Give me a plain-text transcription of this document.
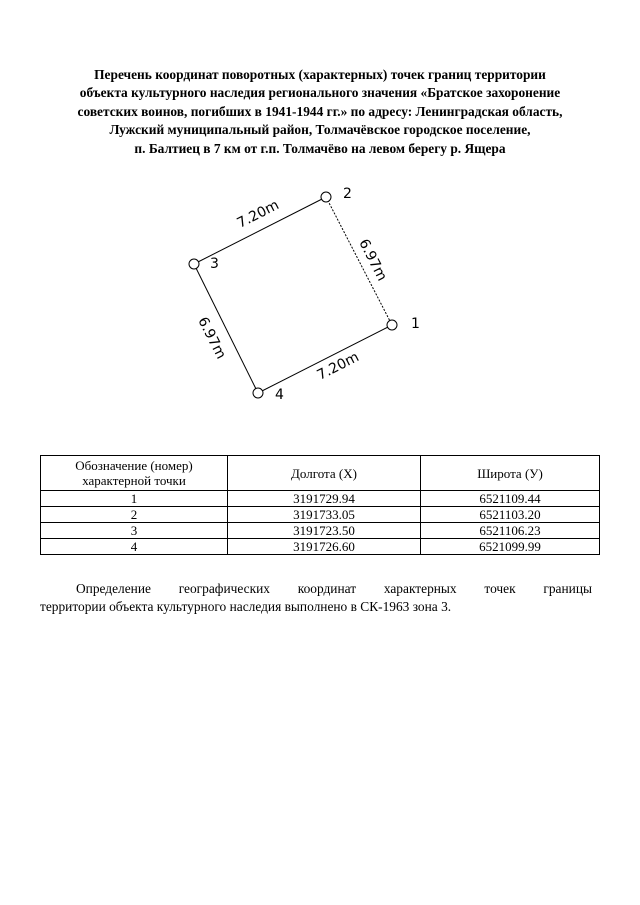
Перечень координат поворотных (характерных) точек границ территории
объекта культурного наследия регионального значения «Братское захоронение
советских воинов, погибших в 1941-1944 гг.» по адресу: Ленинградская область,
Лужский муниципальный район, Толмачёвское городское поселение,
п. Балтиец в 7 км от г.п. Толмачёво на левом берегу р. Ящера
1
2
3
4
7.20m
6.97m
6.97m
7.20m
Обозначение (номер) характерной точки	Долгота (X)	Широта (У)
1	3191729.94	6521109.44
2	3191733.05	6521103.20
3	3191723.50	6521106.23
4	3191726.60	6521099.99
Определение географических координат характерных точек границы
территории объекта культурного наследия выполнено в СК-1963 зона 3.
